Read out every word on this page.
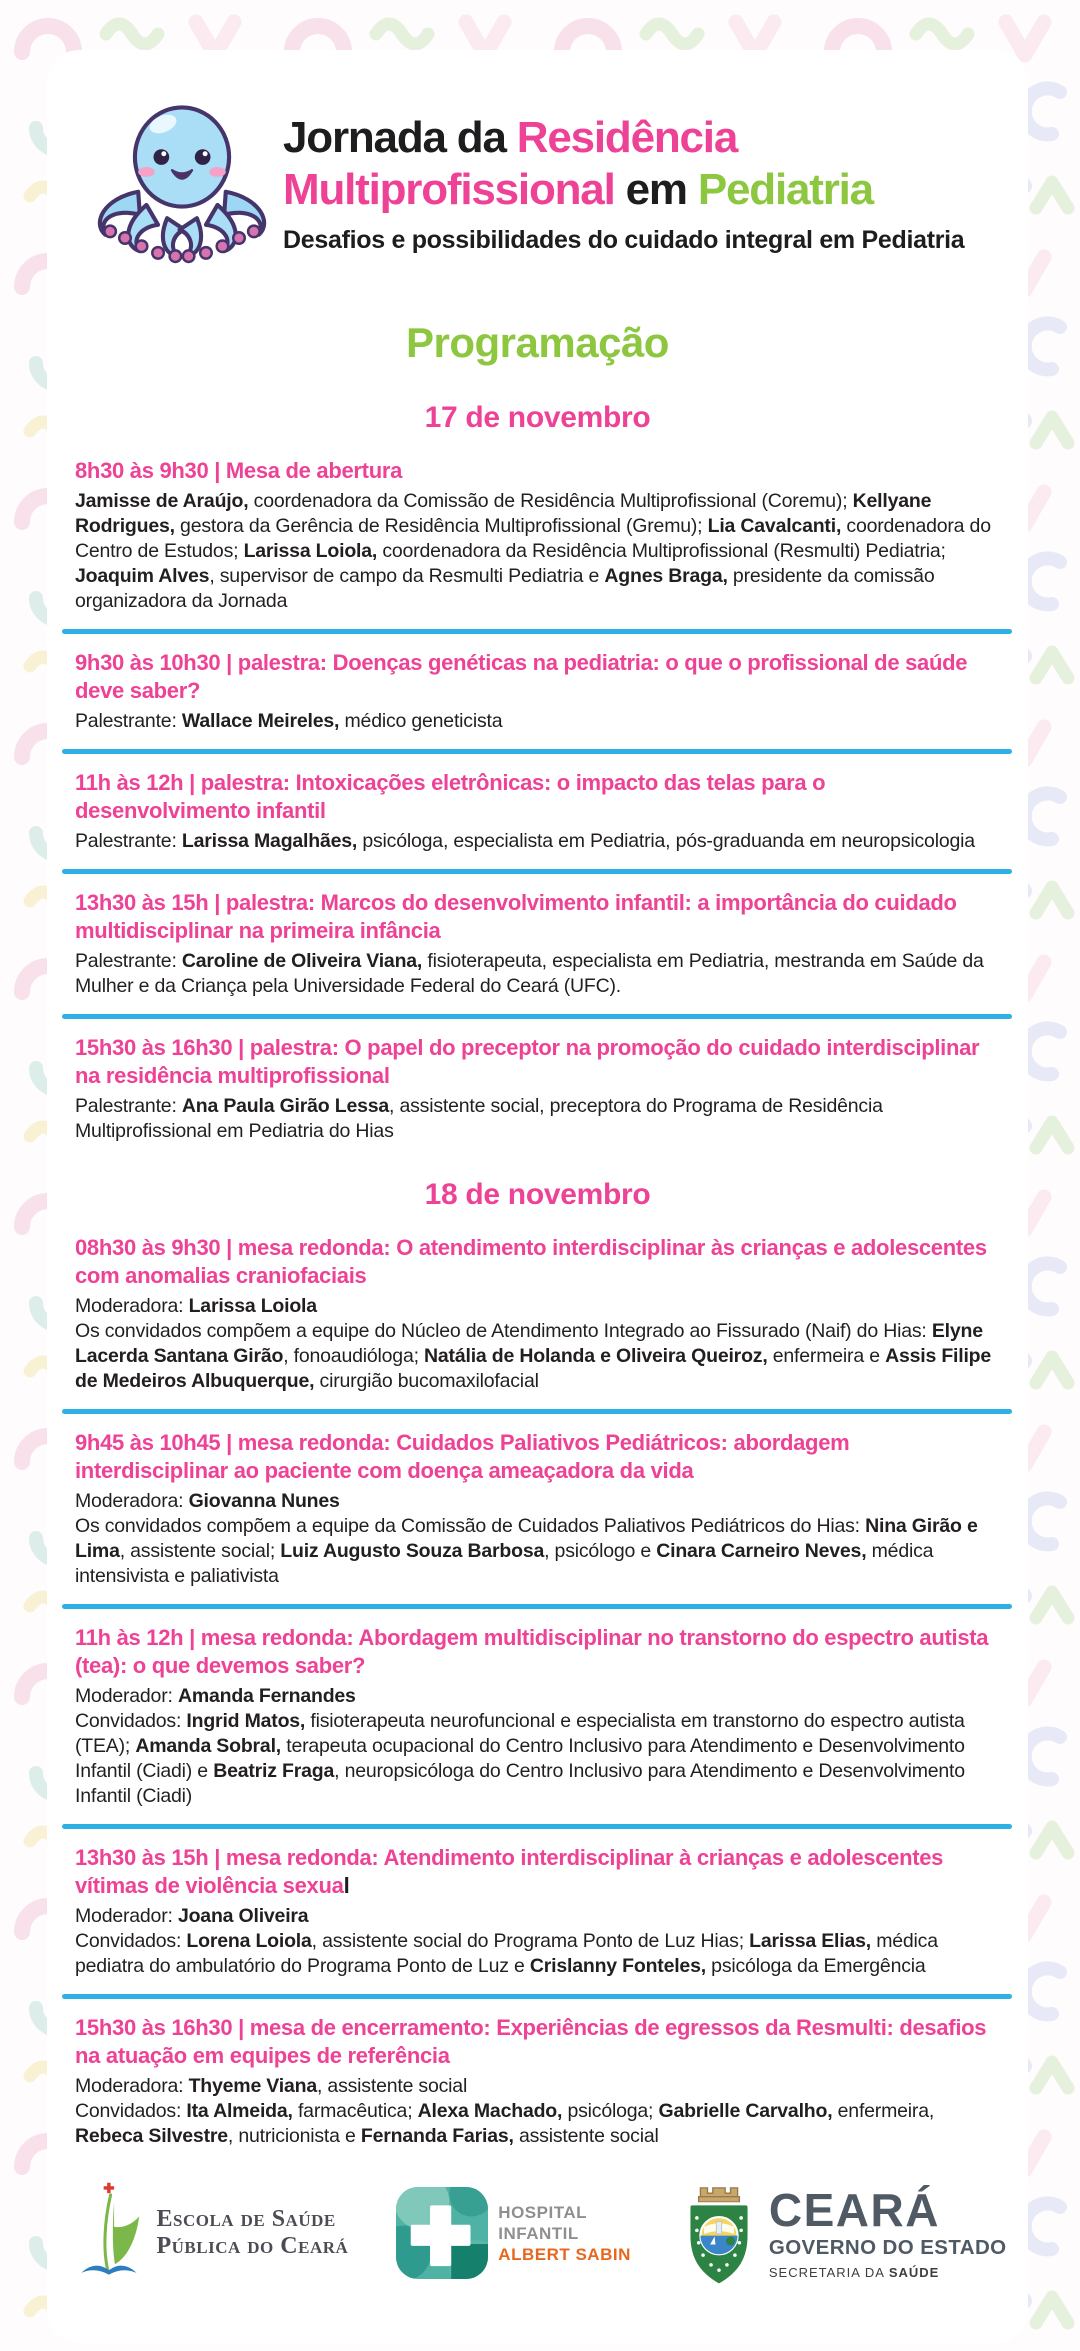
Jornada da Residência
Multiprofissional em Pediatria

Desafios e possibilidades do cuidado integral em Pediatria

Programação
17 de novembro
8h30 às 9h30 | Mesa de abertura

Jamisse de Araújo, coordenadora da Comissão de Residência Multiprofissional (Coremu); Kellyane Rodrigues, gestora da Gerência de Residência Multiprofissional (Gremu); Lia Cavalcanti, coordenadora do Centro de Estudos; Larissa Loiola, coordenadora da Residência Multiprofissional (Resmulti) Pediatria; Joaquim Alves, supervisor de campo da Resmulti Pediatria e Agnes Braga, presidente da comissão organizadora da Jornada

9h30 às 10h30 | palestra: Doenças genéticas na pediatria: o que o profissional de saúde deve saber?

Palestrante: Wallace Meireles, médico geneticista

11h às 12h | palestra: Intoxicações eletrônicas: o impacto das telas para o desenvolvimento infantil

Palestrante: Larissa Magalhães, psicóloga, especialista em Pediatria, pós-graduanda em neuropsicologia

13h30 às 15h | palestra: Marcos do desenvolvimento infantil: a importância do cuidado multidisciplinar na primeira infância

Palestrante: Caroline de Oliveira Viana, fisioterapeuta, especialista em Pediatria, mestranda em Saúde da Mulher e da Criança pela Universidade Federal do Ceará (UFC).

15h30 às 16h30 | palestra: O papel do preceptor na promoção do cuidado interdisciplinar na residência multiprofissional

Palestrante: Ana Paula Girão Lessa, assistente social, preceptora do Programa de Residência Multiprofissional em Pediatria do Hias

18 de novembro
08h30 às 9h30 | mesa redonda: O atendimento interdisciplinar às crianças e adolescentes com anomalias craniofaciais

Moderadora: Larissa Loiola

Os convidados compõem a equipe do Núcleo de Atendimento Integrado ao Fissurado (Naif) do Hias: Elyne Lacerda Santana Girão, fonoaudióloga; Natália de Holanda e Oliveira Queiroz, enfermeira e Assis Filipe de Medeiros Albuquerque, cirurgião bucomaxilofacial

9h45 às 10h45 | mesa redonda: Cuidados Paliativos Pediátricos: abordagem interdisciplinar ao paciente com doença ameaçadora da vida

Moderadora: Giovanna Nunes

Os convidados compõem a equipe da Comissão de Cuidados Paliativos Pediátricos do Hias: Nina Girão e Lima, assistente social; Luiz Augusto Souza Barbosa, psicólogo e Cinara Carneiro Neves, médica intensivista e paliativista

11h às 12h | mesa redonda: Abordagem multidisciplinar no transtorno do espectro autista (tea): o que devemos saber?

Moderador: Amanda Fernandes

Convidados: Ingrid Matos, fisioterapeuta neurofuncional e especialista em transtorno do espectro autista (TEA); Amanda Sobral, terapeuta ocupacional do Centro Inclusivo para Atendimento e Desenvolvimento Infantil (Ciadi) e Beatriz Fraga, neuropsicóloga do Centro Inclusivo para Atendimento e Desenvolvimento Infantil (Ciadi)

13h30 às 15h | mesa redonda: Atendimento interdisciplinar à crianças e adolescentes vítimas de violência sexual

Moderador: Joana Oliveira

Convidados: Lorena Loiola, assistente social do Programa Ponto de Luz Hias; Larissa Elias, médica pediatra do ambulatório do Programa Ponto de Luz e Crislanny Fonteles, psicóloga da Emergência

15h30 às 16h30 | mesa de encerramento: Experiências de egressos da Resmulti: desafios na atuação em equipes de referência

Moderadora: Thyeme Viana, assistente social

Convidados: Ita Almeida, farmacêutica; Alexa Machado, psicóloga; Gabrielle Carvalho, enfermeira, Rebeca Silvestre, nutricionista e Fernanda Farias, assistente social

Escola de Saúde
Pública do Ceará
HOSPITAL
INFANTIL
ALBERT SABIN
CEARÁ
GOVERNO DO ESTADO
SECRETARIA DA SAÚDE
